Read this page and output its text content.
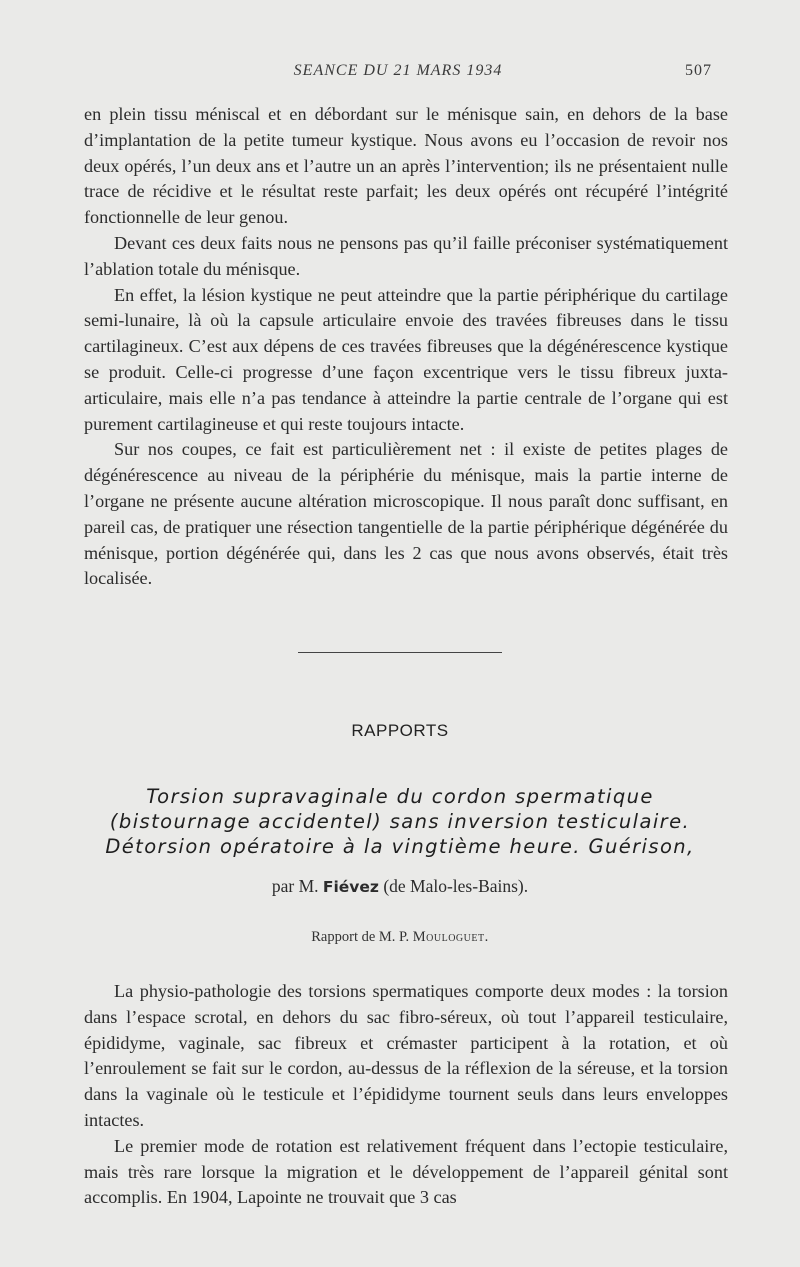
SEANCE DU 21 MARS 1934	507

en plein tissu méniscal et en débordant sur le ménisque sain, en dehors de la base d’implantation de la petite tumeur kystique. Nous avons eu l’occasion de revoir nos deux opérés, l’un deux ans et l’autre un an après l’intervention; ils ne présentaient nulle trace de récidive et le résultat reste parfait; les deux opérés ont récupéré l’intégrité fonctionnelle de leur genou.

Devant ces deux faits nous ne pensons pas qu’il faille préconiser systématiquement l’ablation totale du ménisque.

En effet, la lésion kystique ne peut atteindre que la partie périphérique du cartilage semi-lunaire, là où la capsule articulaire envoie des travées fibreuses dans le tissu cartilagineux. C’est aux dépens de ces travées fibreuses que la dégénérescence kystique se produit. Celle-ci progresse d’une façon excentrique vers le tissu fibreux juxta-articulaire, mais elle n’a pas tendance à atteindre la partie centrale de l’organe qui est purement cartilagineuse et qui reste toujours intacte.

Sur nos coupes, ce fait est particulièrement net : il existe de petites plages de dégénérescence au niveau de la périphérie du ménisque, mais la partie interne de l’organe ne présente aucune altération microscopique. Il nous paraît donc suffisant, en pareil cas, de pratiquer une résection tangentielle de la partie périphérique dégénérée du ménisque, portion dégénérée qui, dans les 2 cas que nous avons observés, était très localisée.

RAPPORTS
Torsion supravaginale du cordon spermatique
(bistournage accidentel) sans inversion testiculaire.
Détorsion opératoire à la vingtième heure. Guérison,
par M. Fiévez (de Malo-les-Bains).
Rapport de M. P. Mouloguet.

La physio-pathologie des torsions spermatiques comporte deux modes : la torsion dans l’espace scrotal, en dehors du sac fibro-séreux, où tout l’appareil testiculaire, épididyme, vaginale, sac fibreux et crémaster participent à la rotation, et où l’enroulement se fait sur le cordon, au-dessus de la réflexion de la séreuse, et la torsion dans la vaginale où le testicule et l’épididyme tournent seuls dans leurs enveloppes intactes.

Le premier mode de rotation est relativement fréquent dans l’ectopie testiculaire, mais très rare lorsque la migration et le développement de l’appareil génital sont accomplis. En 1904, Lapointe ne trouvait que 3 cas
